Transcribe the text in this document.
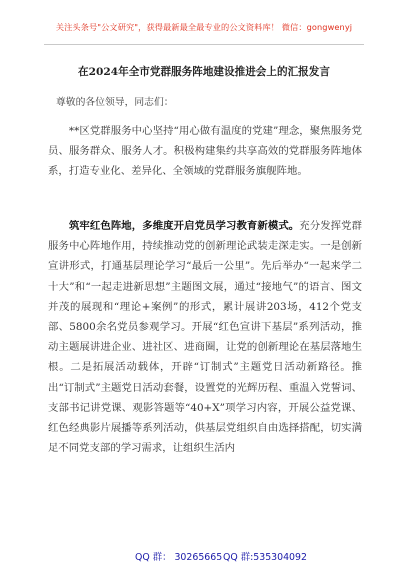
关注头条号"公文研究"，获得最新最全最专业的公文资料库！ 微信：gongwenyj
在2024年全市党群服务阵地建设推进会上的汇报发言
尊敬的各位领导，同志们：

　　**区党群服务中心坚持“用心做有温度的党建”理念，聚焦服务党员、服务群众、服务人才。积极构建集约共享高效的党群服务阵地体系，打造专业化、差异化、全领域的党群服务旗舰阵地。

　　筑牢红色阵地，多维度开启党员学习教育新模式。充分发挥党群服务中心阵地作用，持续推动党的创新理论武装走深走实。一是创新宣讲形式，打通基层理论学习“最后一公里”。先后举办“一起来学二十大”和“一起走进新思想”主题图文展，通过“接地气”的语言、图文并茂的展现和“理论+案例”的形式，累计展讲203场，412个党支部、5800余名党员参观学习。开展“红色宣讲下基层”系列活动，推动主题展讲进企业、进社区、进商圈，让党的创新理论在基层落地生根。二是拓展活动载体，开辟“订制式”主题党日活动新路径。推出“订制式”主题党日活动套餐，设置党的光辉历程、重温入党誓词、支部书记讲党课、观影答题等“40+X”项学习内容，开展公益党课、红色经典影片展播等系列活动，供基层党组织自由选择搭配，切实满足不同党支部的学习需求，让组织生活内

QQ 群： 30265665 QQ 群:535304092
